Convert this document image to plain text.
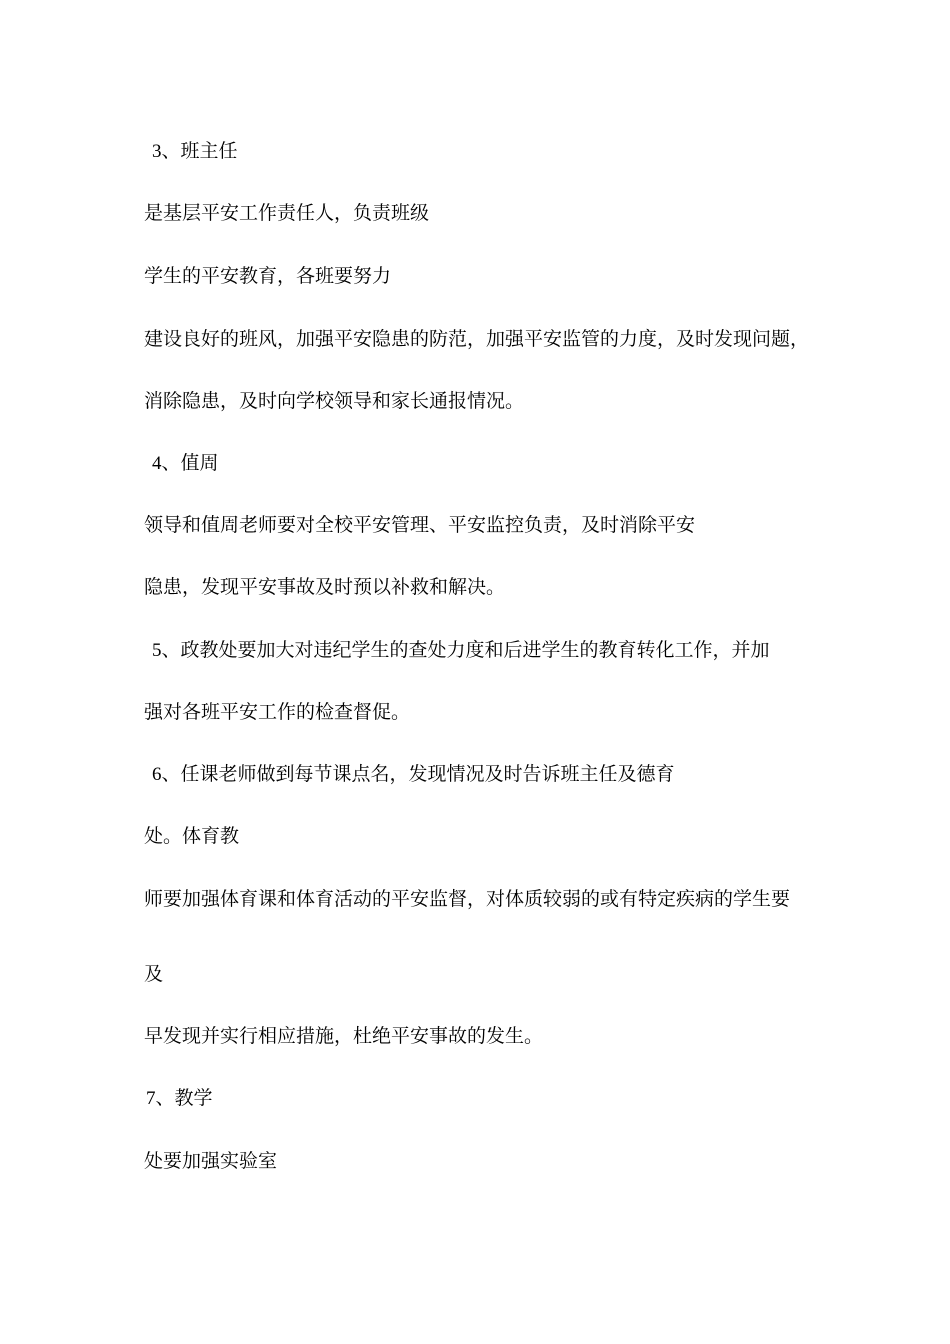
3、班主任
是基层平安工作责任人，负责班级
学生的平安教育，各班要努力
建设良好的班风，加强平安隐患的防范，加强平安监管的力度，及时发现问题，
消除隐患，及时向学校领导和家长通报情况。
4、值周
领导和值周老师要对全校平安管理、平安监控负责，及时消除平安
隐患，发现平安事故及时预以补救和解决。
5、政教处要加大对违纪学生的查处力度和后进学生的教育转化工作，并加
强对各班平安工作的检查督促。
6、任课老师做到每节课点名，发现情况及时告诉班主任及德育
处。体育教
师要加强体育课和体育活动的平安监督，对体质较弱的或有特定疾病的学生要
及
早发现并实行相应措施，杜绝平安事故的发生。
7、教学
处要加强实验室
